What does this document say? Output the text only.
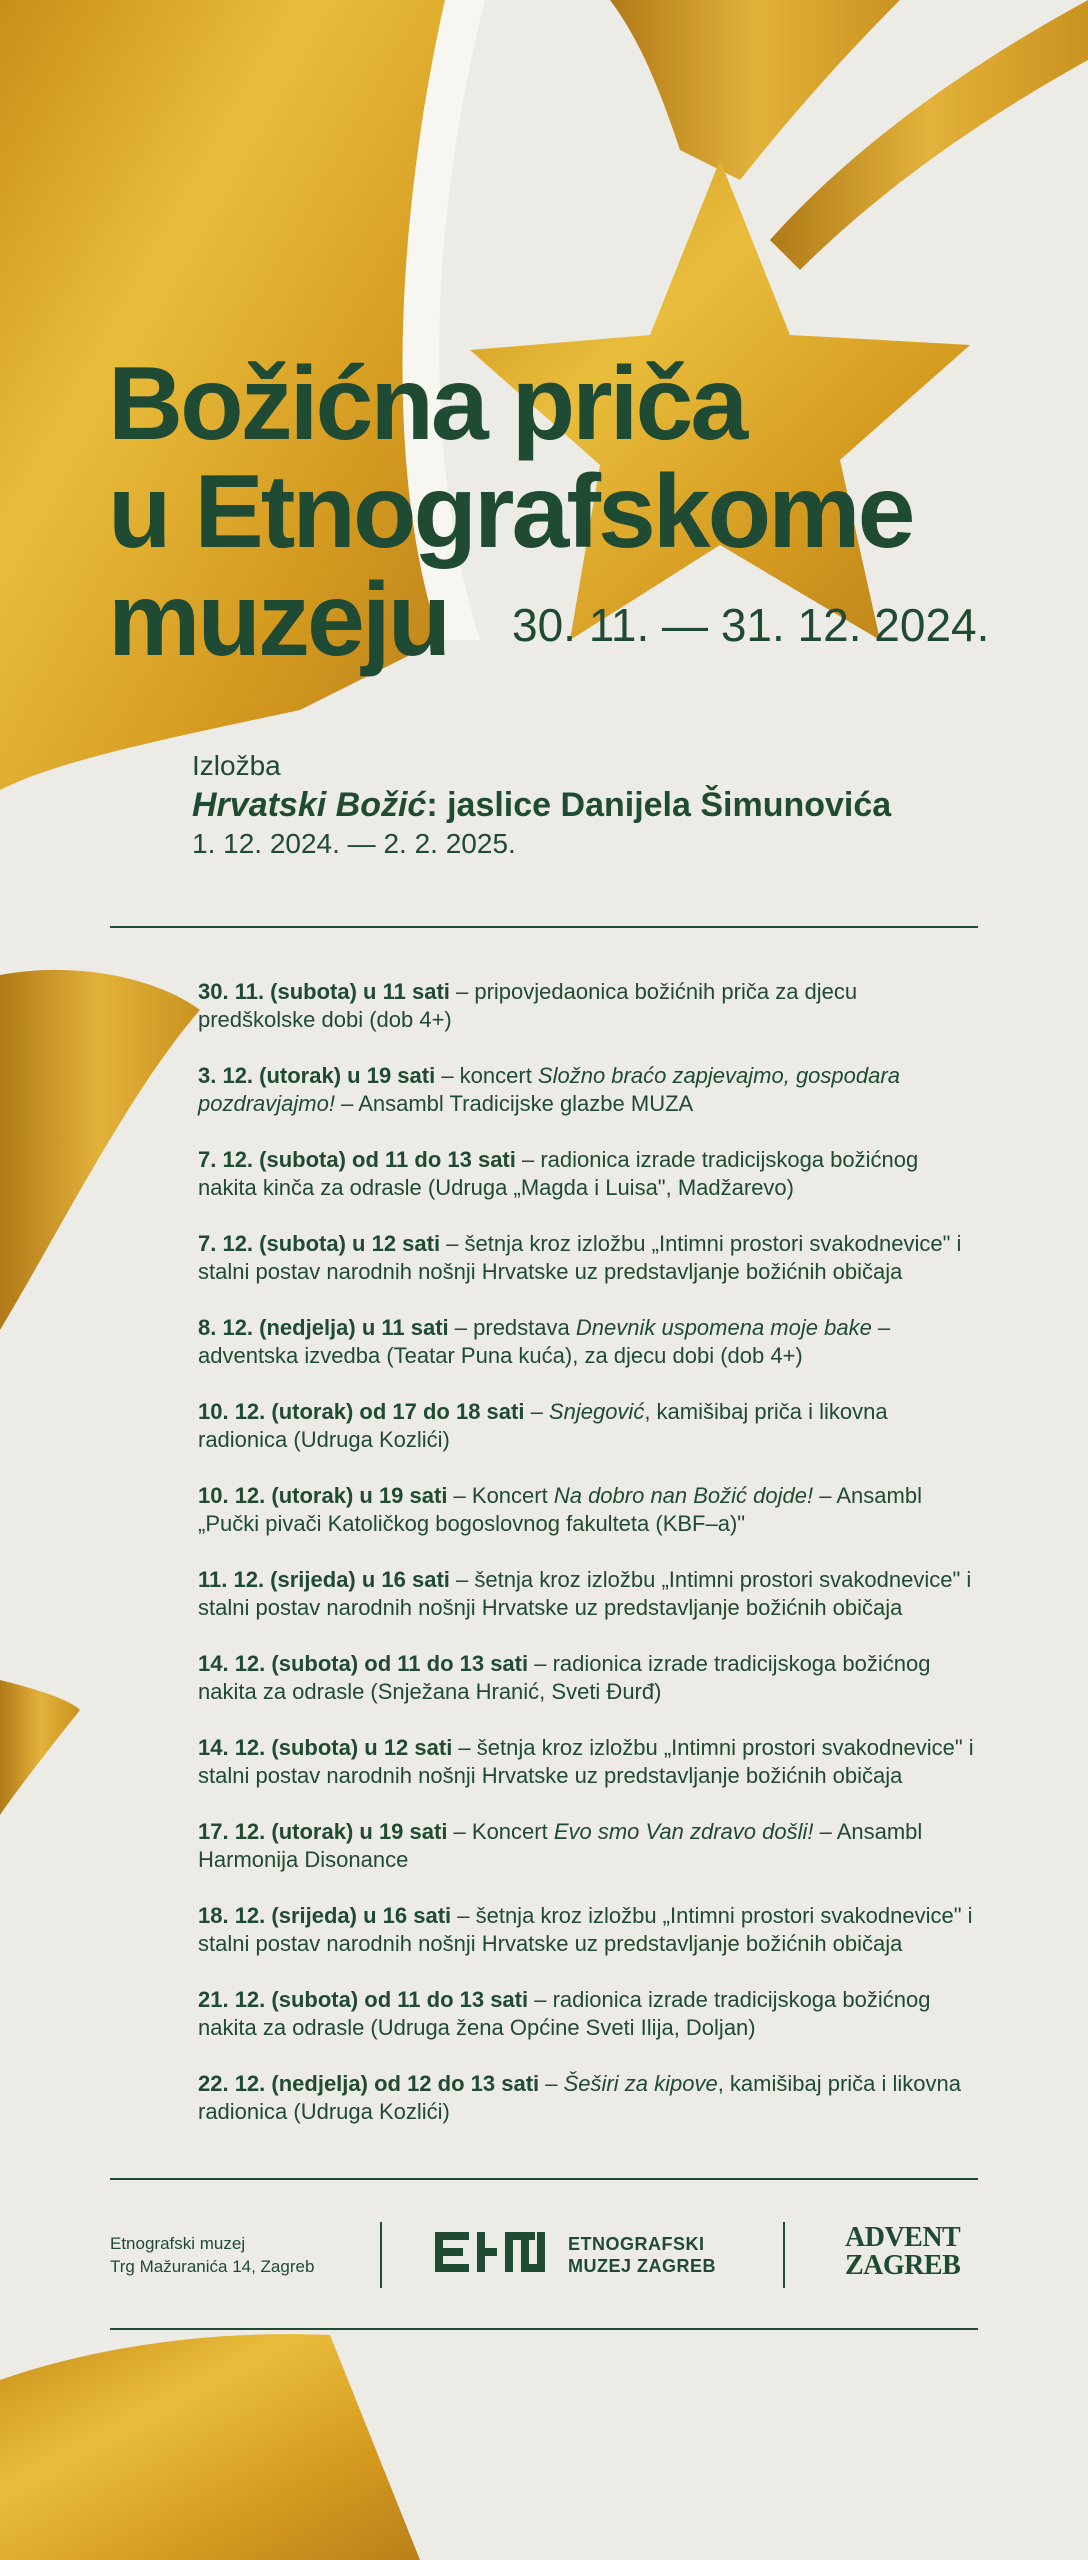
Božićna priča
u Etnografskome
muzeju	30. 11. — 31. 12. 2024.
Izložba
Hrvatski Božić: jaslice Danijela Šimunovića
1. 12. 2024. — 2. 2. 2025.
30. 11. (subota) u 11 sati – pripovjedaonica božićnih priča za djecu predškolske dobi (dob 4+)
3. 12. (utorak) u 19 sati – koncert Složno braćo zapjevajmo, gospodara pozdravjajmo! – Ansambl Tradicijske glazbe MUZA
7. 12. (subota) od 11 do 13 sati – radionica izrade tradicijskoga božićnog nakita kinča za odrasle (Udruga „Magda i Luisa", Madžarevo)
7. 12. (subota) u 12 sati – šetnja kroz izložbu „Intimni prostori svakodnevice" i stalni postav narodnih nošnji Hrvatske uz predstavljanje božićnih običaja
8. 12. (nedjelja) u 11 sati – predstava Dnevnik uspomena moje bake – adventska izvedba (Teatar Puna kuća), za djecu dobi (dob 4+)
10. 12. (utorak) od 17 do 18 sati – Snjegović, kamišibaj priča i likovna radionica (Udruga Kozlići)
10. 12. (utorak) u 19 sati – Koncert Na dobro nan Božić dojde! – Ansambl „Pučki pivači Katoličkog bogoslovnog fakulteta (KBF–a)"
11. 12. (srijeda) u 16 sati – šetnja kroz izložbu „Intimni prostori svakodnevice" i stalni postav narodnih nošnji Hrvatske uz predstavljanje božićnih običaja
14. 12. (subota) od 11 do 13 sati – radionica izrade tradicijskoga božićnog nakita za odrasle (Snježana Hranić, Sveti Đurđ)
14. 12. (subota) u 12 sati – šetnja kroz izložbu „Intimni prostori svakodnevice" i stalni postav narodnih nošnji Hrvatske uz predstavljanje božićnih običaja
17. 12. (utorak) u 19 sati – Koncert Evo smo Van zdravo došli! – Ansambl Harmonija Disonance
18. 12. (srijeda) u 16 sati – šetnja kroz izložbu „Intimni prostori svakodnevice" i stalni postav narodnih nošnji Hrvatske uz predstavljanje božićnih običaja
21. 12. (subota) od 11 do 13 sati – radionica izrade tradicijskoga božićnog nakita za odrasle (Udruga žena Općine Sveti Ilija, Doljan)
22. 12. (nedjelja) od 12 do 13 sati – Šeširi za kipove, kamišibaj priča i likovna radionica (Udruga Kozlići)
Etnografski muzej
Trg Mažuranića 14, Zagreb
ETNOGRAFSKI
MUZEJ ZAGREB
ADVENT
ZAGREB
